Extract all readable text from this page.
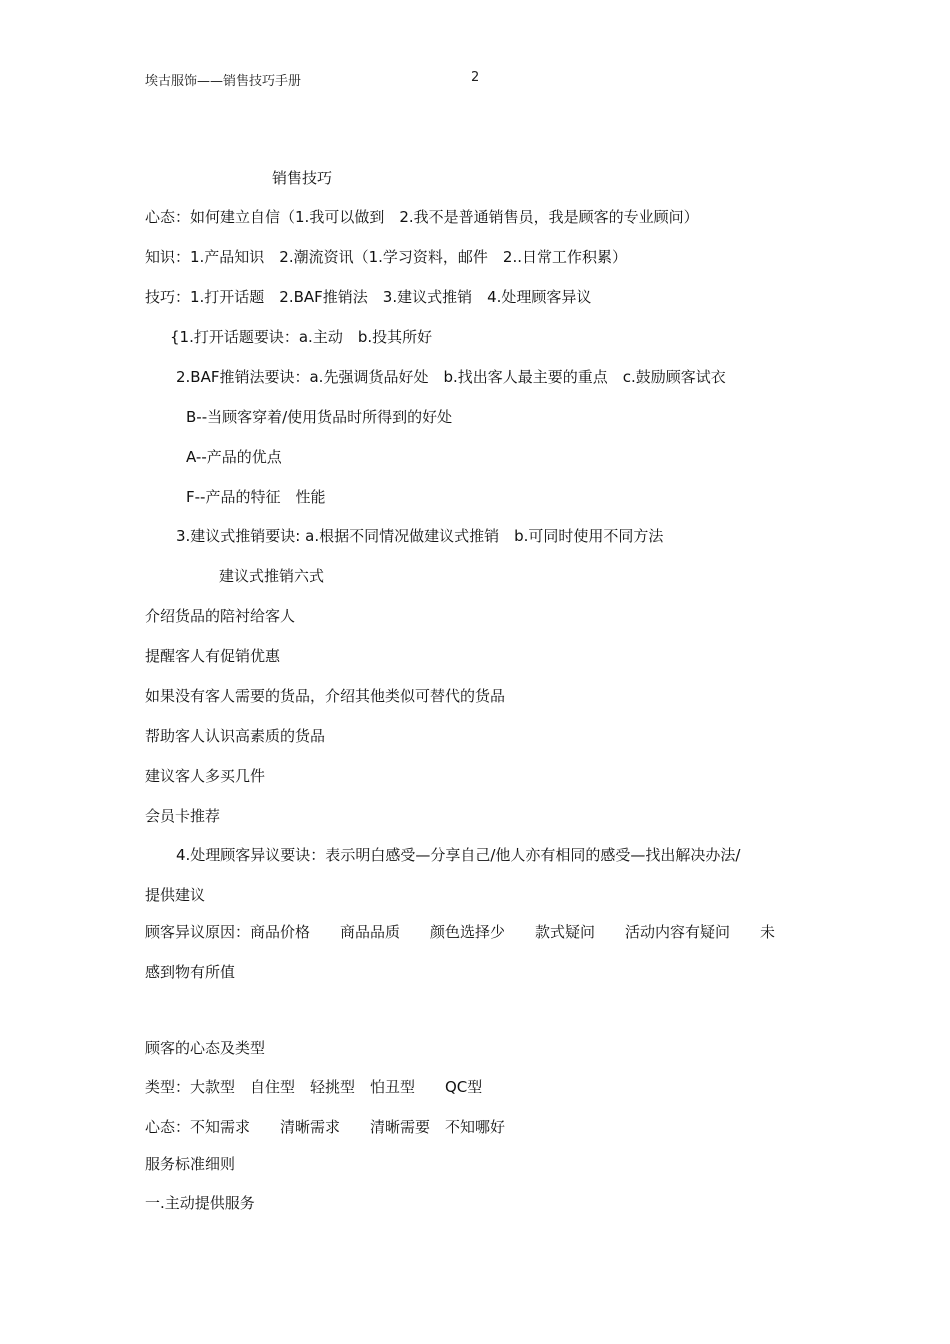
埃古服饰——销售技巧手册	2
销售技巧
心态：如何建立自信（1.我可以做到　2.我不是普通销售员，我是顾客的专业顾问）
知识：1.产品知识　2.潮流资讯（1.学习资料，邮件　2..日常工作积累）
技巧：1.打开话题　2.BAF推销法　3.建议式推销　4.处理顾客异议
{1.打开话题要诀：a.主动　b.投其所好
2.BAF推销法要诀：a.先强调货品好处　b.找出客人最主要的重点　c.鼓励顾客试衣
B--当顾客穿着/使用货品时所得到的好处
A--产品的优点
F--产品的特征　性能
3.建议式推销要诀: a.根据不同情况做建议式推销　b.可同时使用不同方法
建议式推销六式
介绍货品的陪衬给客人
提醒客人有促销优惠
如果没有客人需要的货品，介绍其他类似可替代的货品
帮助客人认识高素质的货品
建议客人多买几件
会员卡推荐
4.处理顾客异议要诀：表示明白感受—分享自己/他人亦有相同的感受—找出解决办法/
提供建议
顾客异议原因：商品价格　　商品品质　　颜色选择少　　款式疑问　　活动内容有疑问　　未
感到物有所值
顾客的心态及类型
类型：大款型　自住型　轻挑型　怕丑型　　QC型
心态：不知需求　　清晰需求　　清晰需要　不知哪好
服务标准细则
一.主动提供服务
